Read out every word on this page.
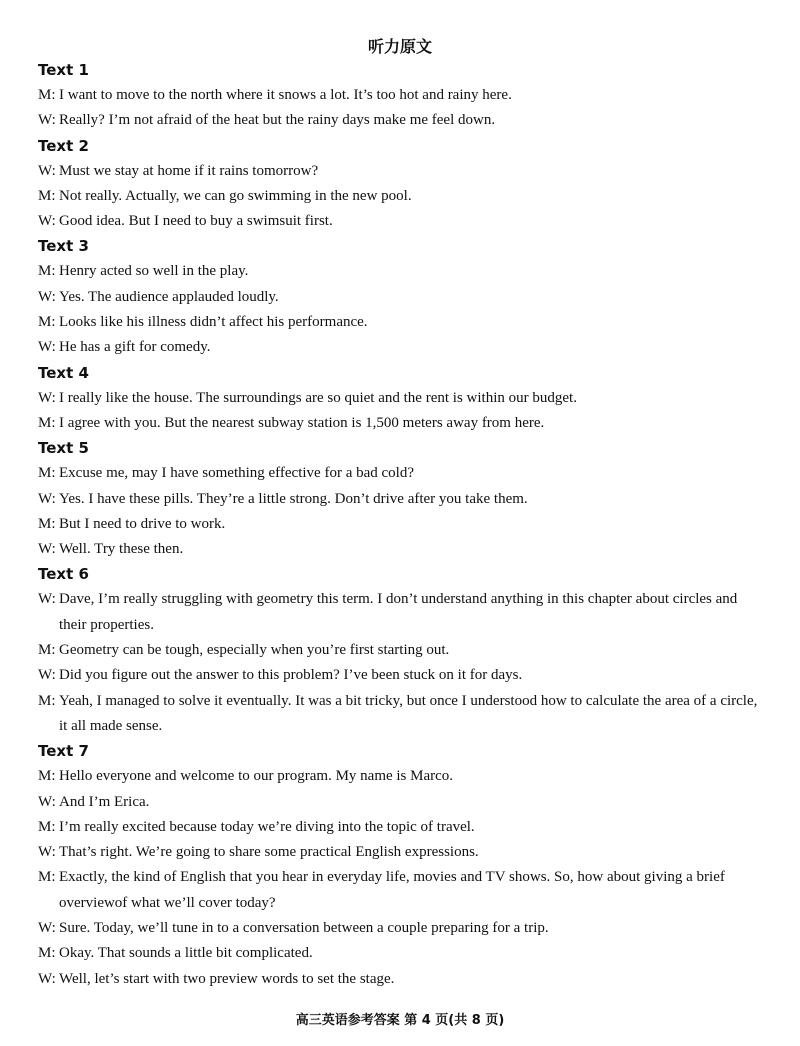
听力原文
Text 1
M: I want to move to the north where it snows a lot. It’s too hot and rainy here.
W: Really? I’m not afraid of the heat but the rainy days make me feel down.
Text 2
W: Must we stay at home if it rains tomorrow?
M: Not really. Actually, we can go swimming in the new pool.
W: Good idea. But I need to buy a swimsuit first.
Text 3
M: Henry acted so well in the play.
W: Yes. The audience applauded loudly.
M: Looks like his illness didn’t affect his performance.
W: He has a gift for comedy.
Text 4
W: I really like the house. The surroundings are so quiet and the rent is within our budget.
M: I agree with you. But the nearest subway station is 1,500 meters away from here.
Text 5
M: Excuse me, may I have something effective for a bad cold?
W: Yes. I have these pills. They’re a little strong. Don’t drive after you take them.
M: But I need to drive to work.
W: Well. Try these then.
Text 6
W: Dave, I’m really struggling with geometry this term. I don’t understand anything in this chapter about circles and their properties.
M: Geometry can be tough, especially when you’re first starting out.
W: Did you figure out the answer to this problem? I’ve been stuck on it for days.
M: Yeah, I managed to solve it eventually. It was a bit tricky, but once I understood how to calculate the area of a circle, it all made sense.
Text 7
M: Hello everyone and welcome to our program. My name is Marco.
W: And I’m Erica.
M: I’m really excited because today we’re diving into the topic of travel.
W: That’s right. We’re going to share some practical English expressions.
M: Exactly, the kind of English that you hear in everyday life, movies and TV shows. So, how about giving a brief overviewof what we’ll cover today?
W: Sure. Today, we’ll tune in to a conversation between a couple preparing for a trip.
M: Okay. That sounds a little bit complicated.
W: Well, let’s start with two preview words to set the stage.
高三英语参考答案 第 4 页(共 8 页)
